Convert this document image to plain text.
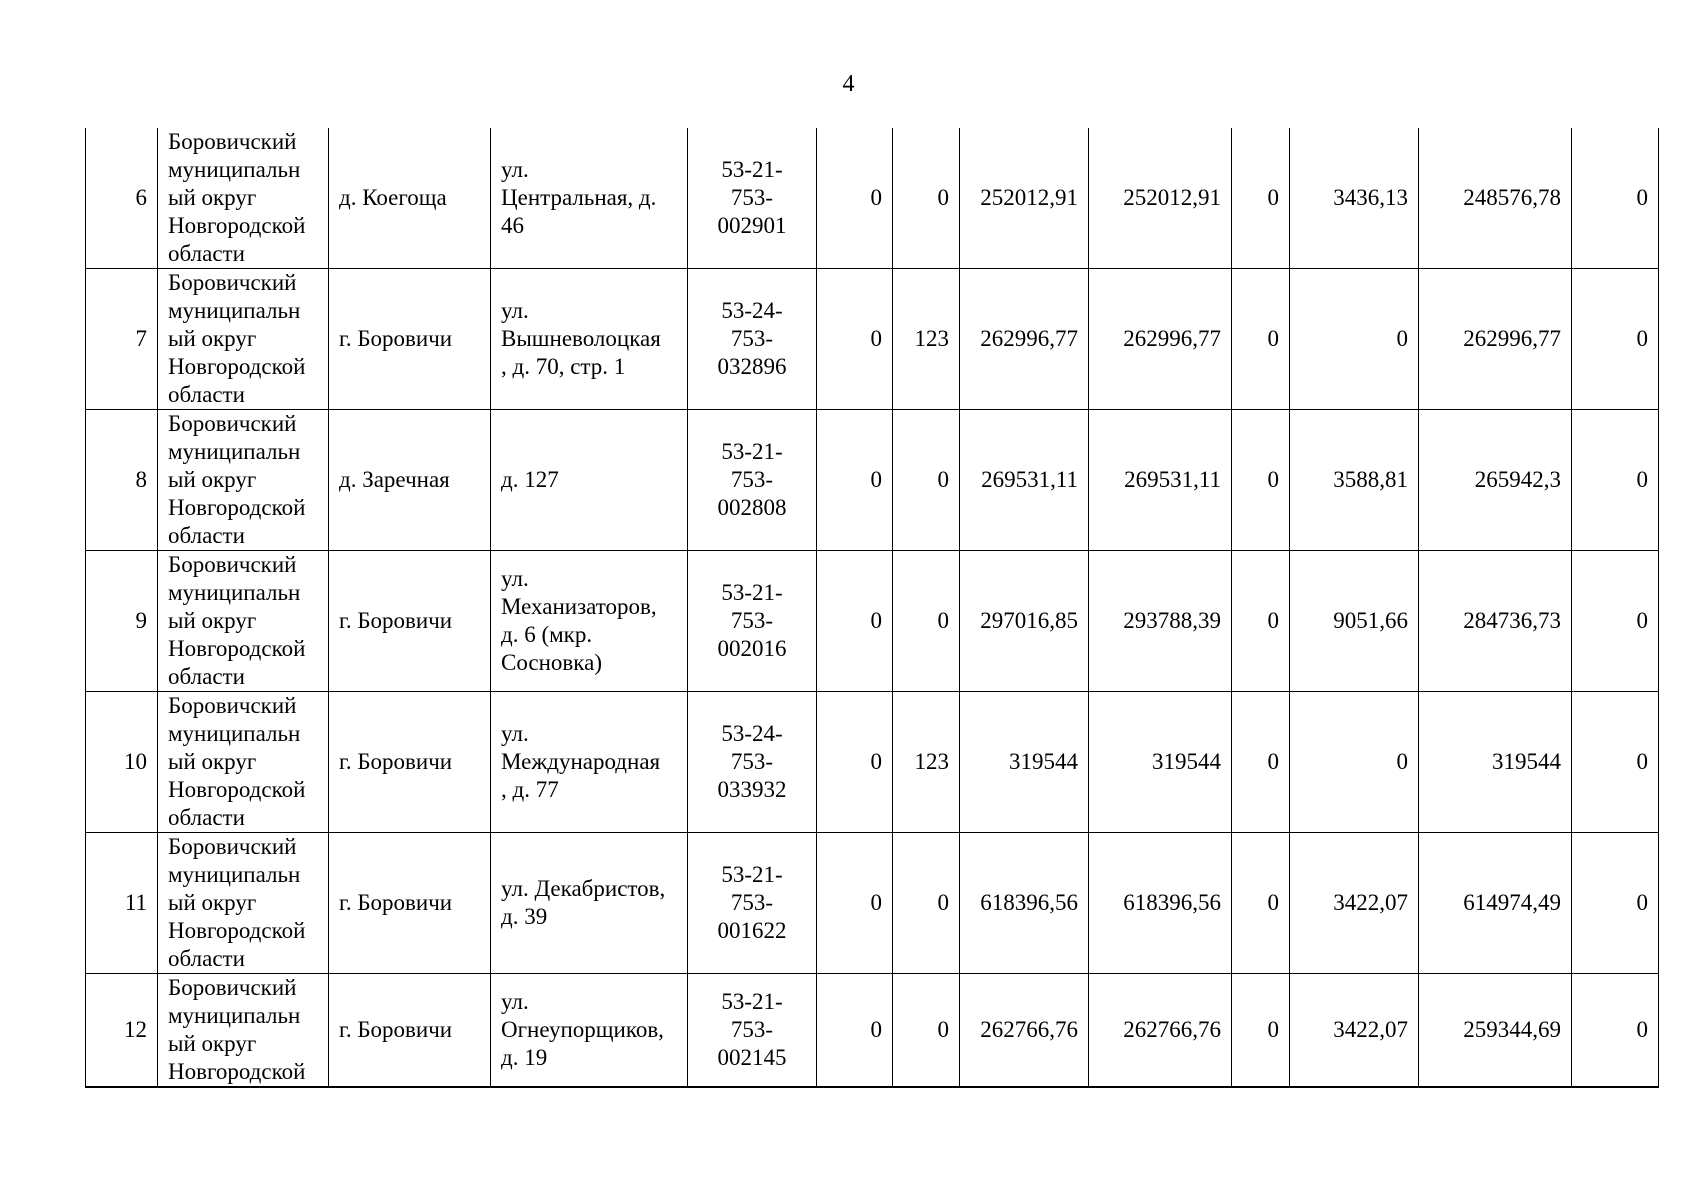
4
6	Боровичский
муниципальн
ый округ
Новгородской
области	д. Коегоща	ул.
Центральная, д.
46	53-21-
753-
002901	0	0	252012,91	252012,91	0	3436,13	248576,78	0
7	Боровичский
муниципальн
ый округ
Новгородской
области	г. Боровичи	ул.
Вышневолоцкая
, д. 70, стр. 1	53-24-
753-
032896	0	123	262996,77	262996,77	0	0	262996,77	0
8	Боровичский
муниципальн
ый округ
Новгородской
области	д. Заречная	д. 127	53-21-
753-
002808	0	0	269531,11	269531,11	0	3588,81	265942,3	0
9	Боровичский
муниципальн
ый округ
Новгородской
области	г. Боровичи	ул.
Механизаторов,
д. 6 (мкр.
Сосновка)	53-21-
753-
002016	0	0	297016,85	293788,39	0	9051,66	284736,73	0
10	Боровичский
муниципальн
ый округ
Новгородской
области	г. Боровичи	ул.
Международная
, д. 77	53-24-
753-
033932	0	123	319544	319544	0	0	319544	0
11	Боровичский
муниципальн
ый округ
Новгородской
области	г. Боровичи	ул. Декабристов,
д. 39	53-21-
753-
001622	0	0	618396,56	618396,56	0	3422,07	614974,49	0
12	Боровичский
муниципальн
ый округ
Новгородской	г. Боровичи	ул.
Огнеупорщиков,
д. 19	53-21-
753-
002145	0	0	262766,76	262766,76	0	3422,07	259344,69	0
